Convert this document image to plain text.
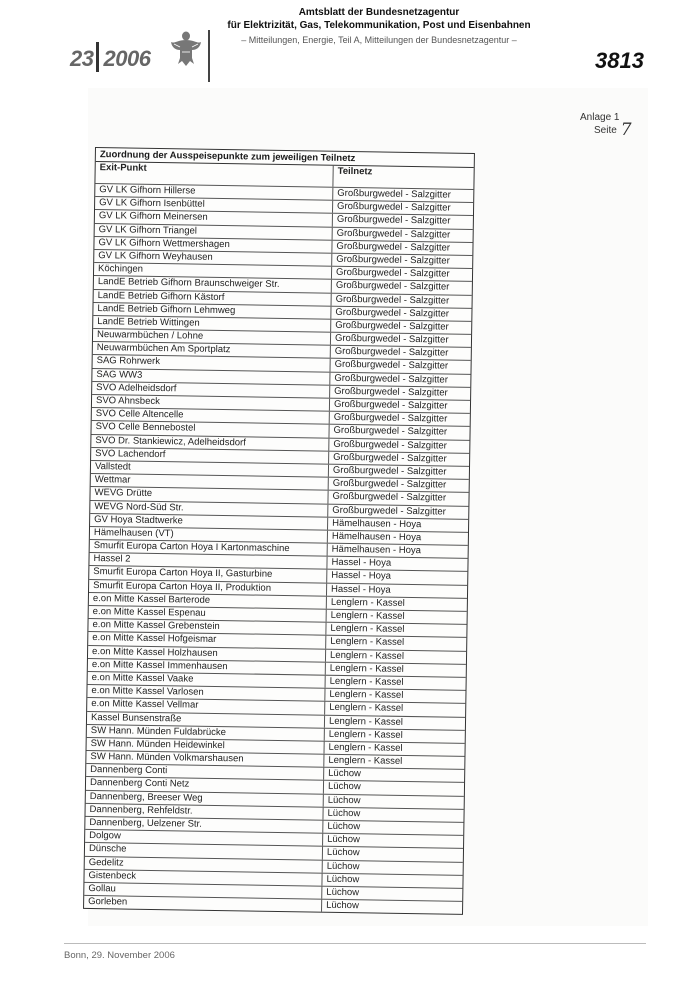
23 2006
Amtsblatt der Bundesnetzagentur
für Elektrizität, Gas, Telekommunikation, Post und Eisenbahnen
– Mitteilungen, Energie, Teil A, Mitteilungen der Bundesnetzagentur –
3813
Anlage 1
Seite 7
Zuordnung der Ausspeisepunkte zum jeweiligen Teilnetz
Exit-Punkt	Teilnetz
GV LK Gifhorn Hillerse	Großburgwedel - Salzgitter
GV LK Gifhorn Isenbüttel	Großburgwedel - Salzgitter
GV LK Gifhorn Meinersen	Großburgwedel - Salzgitter
GV LK Gifhorn Triangel	Großburgwedel - Salzgitter
GV LK Gifhorn Wettmershagen	Großburgwedel - Salzgitter
GV LK Gifhorn Weyhausen	Großburgwedel - Salzgitter
Köchingen	Großburgwedel - Salzgitter
LandE Betrieb Gifhorn Braunschweiger Str.	Großburgwedel - Salzgitter
LandE Betrieb Gifhorn Kästorf	Großburgwedel - Salzgitter
LandE Betrieb Gifhorn Lehmweg	Großburgwedel - Salzgitter
LandE Betrieb Wittingen	Großburgwedel - Salzgitter
Neuwarmbüchen / Lohne	Großburgwedel - Salzgitter
Neuwarmbüchen Am Sportplatz	Großburgwedel - Salzgitter
SAG Rohrwerk	Großburgwedel - Salzgitter
SAG WW3	Großburgwedel - Salzgitter
SVO Adelheidsdorf	Großburgwedel - Salzgitter
SVO Ahnsbeck	Großburgwedel - Salzgitter
SVO Celle Altencelle	Großburgwedel - Salzgitter
SVO Celle Bennebostel	Großburgwedel - Salzgitter
SVO Dr. Stankiewicz, Adelheidsdorf	Großburgwedel - Salzgitter
SVO Lachendorf	Großburgwedel - Salzgitter
Vallstedt	Großburgwedel - Salzgitter
Wettmar	Großburgwedel - Salzgitter
WEVG Drütte	Großburgwedel - Salzgitter
WEVG Nord-Süd Str.	Großburgwedel - Salzgitter
GV Hoya Stadtwerke	Hämelhausen - Hoya
Hämelhausen (VT)	Hämelhausen - Hoya
Smurfit Europa Carton Hoya I Kartonmaschine	Hämelhausen - Hoya
Hassel 2	Hassel - Hoya
Smurfit Europa Carton Hoya II, Gasturbine	Hassel - Hoya
Smurfit Europa Carton Hoya II, Produktion	Hassel - Hoya
e.on Mitte Kassel Barterode	Lenglern - Kassel
e.on Mitte Kassel Espenau	Lenglern - Kassel
e.on Mitte Kassel Grebenstein	Lenglern - Kassel
e.on Mitte Kassel Hofgeismar	Lenglern - Kassel
e.on Mitte Kassel Holzhausen	Lenglern - Kassel
e.on Mitte Kassel Immenhausen	Lenglern - Kassel
e.on Mitte Kassel Vaake	Lenglern - Kassel
e.on Mitte Kassel Varlosen	Lenglern - Kassel
e.on Mitte Kassel Vellmar	Lenglern - Kassel
Kassel Bunsenstraße	Lenglern - Kassel
SW Hann. Münden Fuldabrücke	Lenglern - Kassel
SW Hann. Münden Heidewinkel	Lenglern - Kassel
SW Hann. Münden Volkmarshausen	Lenglern - Kassel
Dannenberg Conti	Lüchow
Dannenberg Conti Netz	Lüchow
Dannenberg, Breeser Weg	Lüchow
Dannenberg, Rehfeldstr.	Lüchow
Dannenberg, Uelzener Str.	Lüchow
Dolgow	Lüchow
Dünsche	Lüchow
Gedelitz	Lüchow
Gistenbeck	Lüchow
Gollau	Lüchow
Gorleben	Lüchow
Bonn, 29. November 2006
